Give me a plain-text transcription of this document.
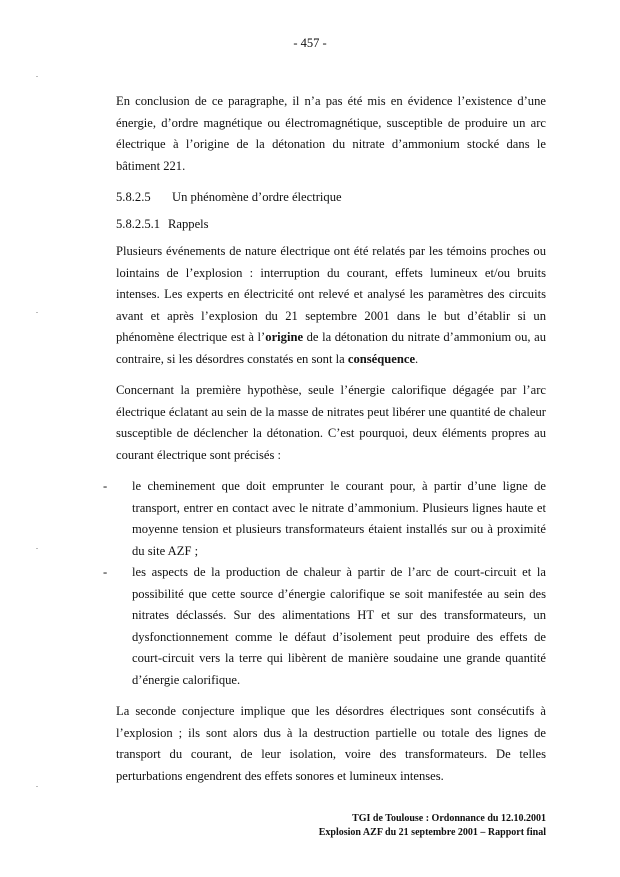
- 457 -

En conclusion de ce paragraphe, il n’a pas été mis en évidence l’existence d’une énergie, d’ordre magnétique ou électromagnétique, susceptible de produire un arc électrique à l’origine de la détonation du nitrate d’ammonium stocké dans le bâtiment 221.

5.8.2.5 Un phénomène d’ordre électrique

5.8.2.5.1 Rappels

Plusieurs événements de nature électrique ont été relatés par les témoins proches ou lointains de l’explosion : interruption du courant, effets lumineux et/ou bruits intenses. Les experts en électricité ont relevé et analysé les paramètres des circuits avant et après l’explosion du 21 septembre 2001 dans le but d’établir si un phénomène électrique est à l’origine de la détonation du nitrate d’ammonium ou, au contraire, si les désordres constatés en sont la conséquence.

Concernant la première hypothèse, seule l’énergie calorifique dégagée par l’arc électrique éclatant au sein de la masse de nitrates peut libérer une quantité de chaleur susceptible de déclencher la détonation. C’est pourquoi, deux éléments propres au courant électrique sont précisés :

- le cheminement que doit emprunter le courant pour, à partir d’une ligne de transport, entrer en contact avec le nitrate d’ammonium. Plusieurs lignes haute et moyenne tension et plusieurs transformateurs étaient installés sur ou à proximité du site AZF ;
- les aspects de la production de chaleur à partir de l’arc de court-circuit et la possibilité que cette source d’énergie calorifique se soit manifestée au sein des nitrates déclassés. Sur des alimentations HT et sur des transformateurs, un dysfonctionnement comme le défaut d’isolement peut produire des effets de court-circuit vers la terre qui libèrent de manière soudaine une grande quantité d’énergie calorifique.

La seconde conjecture implique que les désordres électriques sont consécutifs à l’explosion ; ils sont alors dus à la destruction partielle ou totale des lignes de transport du courant, de leur isolation, voire des transformateurs. De telles perturbations engendrent des effets sonores et lumineux intenses.

TGI de Toulouse : Ordonnance du 12.10.2001
Explosion AZF du 21 septembre 2001 – Rapport final
